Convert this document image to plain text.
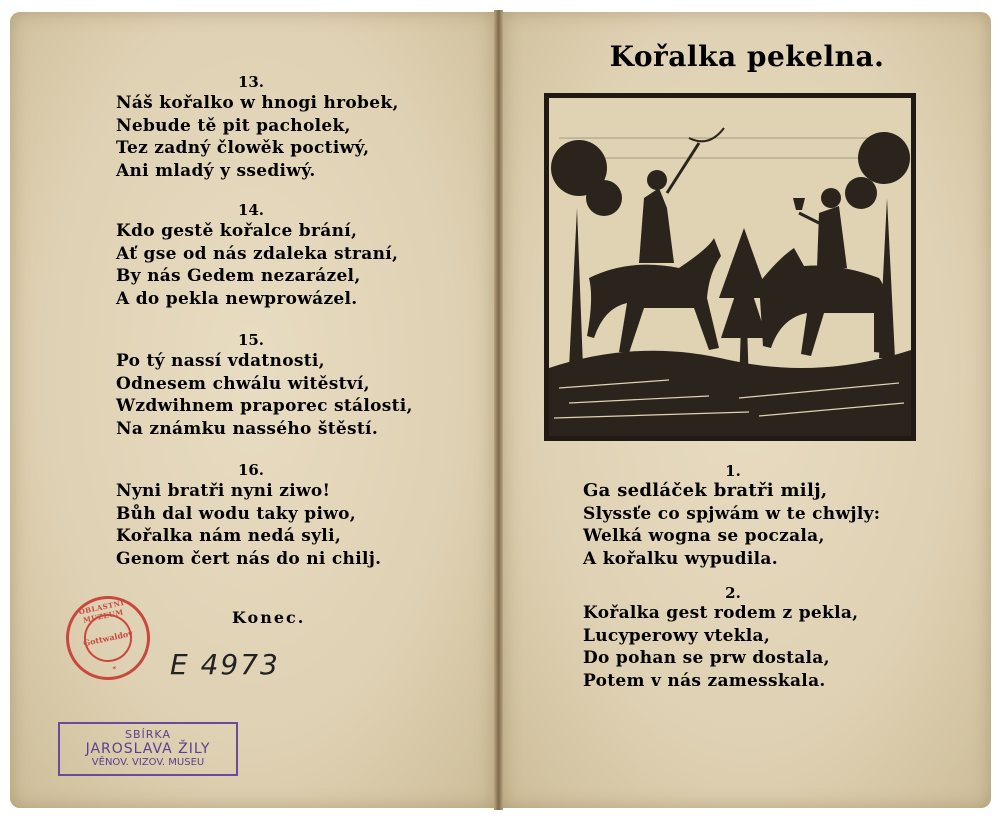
13.
Náš kořalko w hnogi hrobek,
Nebude tě pit pacholek,
Tez zadný člowěk poctiwý,
Ani mladý y ssediwý.
14.
Kdo gestě kořalce brání,
Ať gse od nás zdaleka straní,
By nás Gedem nezarázel,
A do pekla newprowázel.
15.
Po tý nassí vdatnosti,
Odnesem chwálu witěství,
Wzdwihnem praporec stálosti,
Na známku nassého štěstí.
16.
Nyni bratři nyni ziwo!
Bůh dal wodu taky piwo,
Kořalka nám nedá syli,
Genom čert nás do ni chilj.
Konec.
OBLASTNÍ MUZEUM
Gottwaldov
*	E 4973
SBÍRKA
JAROSLAVA ŽILY
VĚNOV. VIZOV. MUSEU
Kořalka pekelna.
1.
Ga sedláček bratři milj,
Slyssťe co spjwám w te chwjly:
Welká wogna se poczala,
A kořalku wypudila.
2.
Kořalka gest rodem z pekla,
Lucyperowy vtekla,
Do pohan se prw dostala,
Potem v nás zamesskala.
